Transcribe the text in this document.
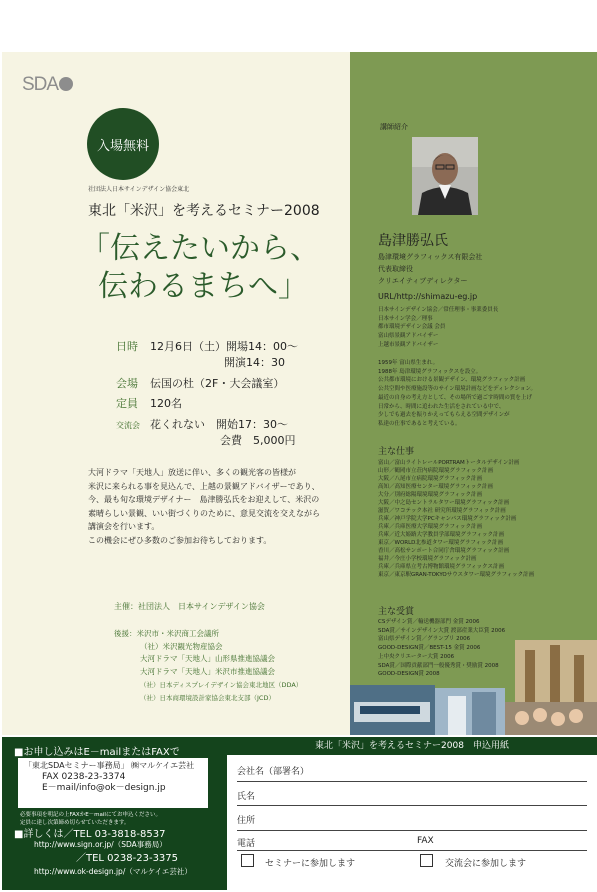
SDA
入場無料
社団法人日本サインデザイン協会東北
東北「米沢」を考えるセミナー2008
「伝えたいから、
伝わるまちへ」
日時 12月6日（土）開場14：00〜
開演14：30
会場 伝国の杜（2F・大会議室）
定員 120名
交流会 花くれない　開始17：30〜
会費　5,000円
大河ドラマ「天地人」放送に伴い、多くの観光客の皆様が
米沢に来られる事を見込んで、上越の景観アドバイザーであり、
今、最も旬な環境デザイナー　島津勝弘氏をお迎えして、米沢の
素晴らしい景観、いい街づくりのために、意見交流を交えながら
講演会を行います。
この機会にぜひ多数のご参加お待ちしております。
主催：社団法人　日本サインデザイン協会
後援：米沢市・米沢商工会議所
（社）米沢観光物産協会
大河ドラマ「天地人」山形県推進協議会
大河ドラマ「天地人」米沢市推進協議会
（社）日本ディスプレイデザイン協会東北地区（DDA）
（社）日本商環境設計家協会東北支部（JCD）
講師紹介
島津勝弘氏
島津環境グラフィックス有限会社
代表取締役
クリエイティブディレクター
URL/http://shimazu-eg.jp
日本サインデザイン協会／常任理事・事業委員長
日本サイン学会／理事
都市環境デザイン会議 会員
富山県景観アドバイザー
上越市景観アドバイザー
1959年 富山県生まれ。
1988年 島津環境グラフィックスを設立。
公共都市環境における景観デザイン、環境グラフィック計画
公共空間や医療施設等のサイン環境計画などをディレクション。
最近の自身の考え方として、その場所で過ごす時間の質を上げ
日常から、時間に追われた生活をされている中で、
少しでも過去を振りかえってもらえる空間デザインが
私達の仕事であると考えている。
主な仕事
富山／富山ライトレールPORTRAMトータルデザイン計画
山形／鶴岡市立荘内病院環境グラフィック計画
大阪／八尾市立病院環境グラフィック計画
高知／高知医療センター環境グラフィック計画
大分／別府総陽環境環境グラフィック計画
大阪／中之島セントラルタワー環境グラフィック計画
滋賀／ワコテック本社 研究所環境グラフィック計画
兵庫／神戸学院大学PCキャンパス環境グラフィック計画
兵庫／兵庫医療大学環境グラフィック計画
兵庫／近大姫路大学教員学部環境グラフィック計画
東京／WORLD北参道タワー環境グラフィック計画
香川／高松サンポート合同庁舎環境グラフィック計画
福井／今庄小学校環境グラフィック計画
兵庫／兵庫県立考古博物館環境グラフィックス計画
東京／東京駅GRAN-TOKYOサウスタワー環境グラフィック計画
主な受賞
CSデザイン賞／輸送機器部門 金賞 2006
SDA賞／サインデザイン大賞 渡部産業大臣賞 2006
富山県デザイン賞／グランプリ 2006
GOOD-DESIGN賞／BEST-15 金賞 2006
上中央クリエーター大賞 2006
SDA賞／国際貢献部門一般優秀賞・奨励賞 2008
GOOD-DESIGN賞 2008
■お申し込みはE－mailまたはFAXで
「東北SDAセミナー事務局」 ㈱マルケイエ芸社
FAX 0238-23-3374
E－mail/info@ok－design.jp
必要事項を明記の上FAXかE－mailにてお申込ください。
定員に達し次第締め切らせていただきます。
■詳しくは／TEL 03-3818-8537
http://www.sign.or.jp/（SDA事務局）
／TEL 0238-23-3375
http://www.ok-design.jp/（マルケイエ芸社）
東北「米沢」を考えるセミナー2008　申込用紙
会社名（部署名）
氏名
住所
電話	FAX
セミナーに参加します	交流会に参加します
